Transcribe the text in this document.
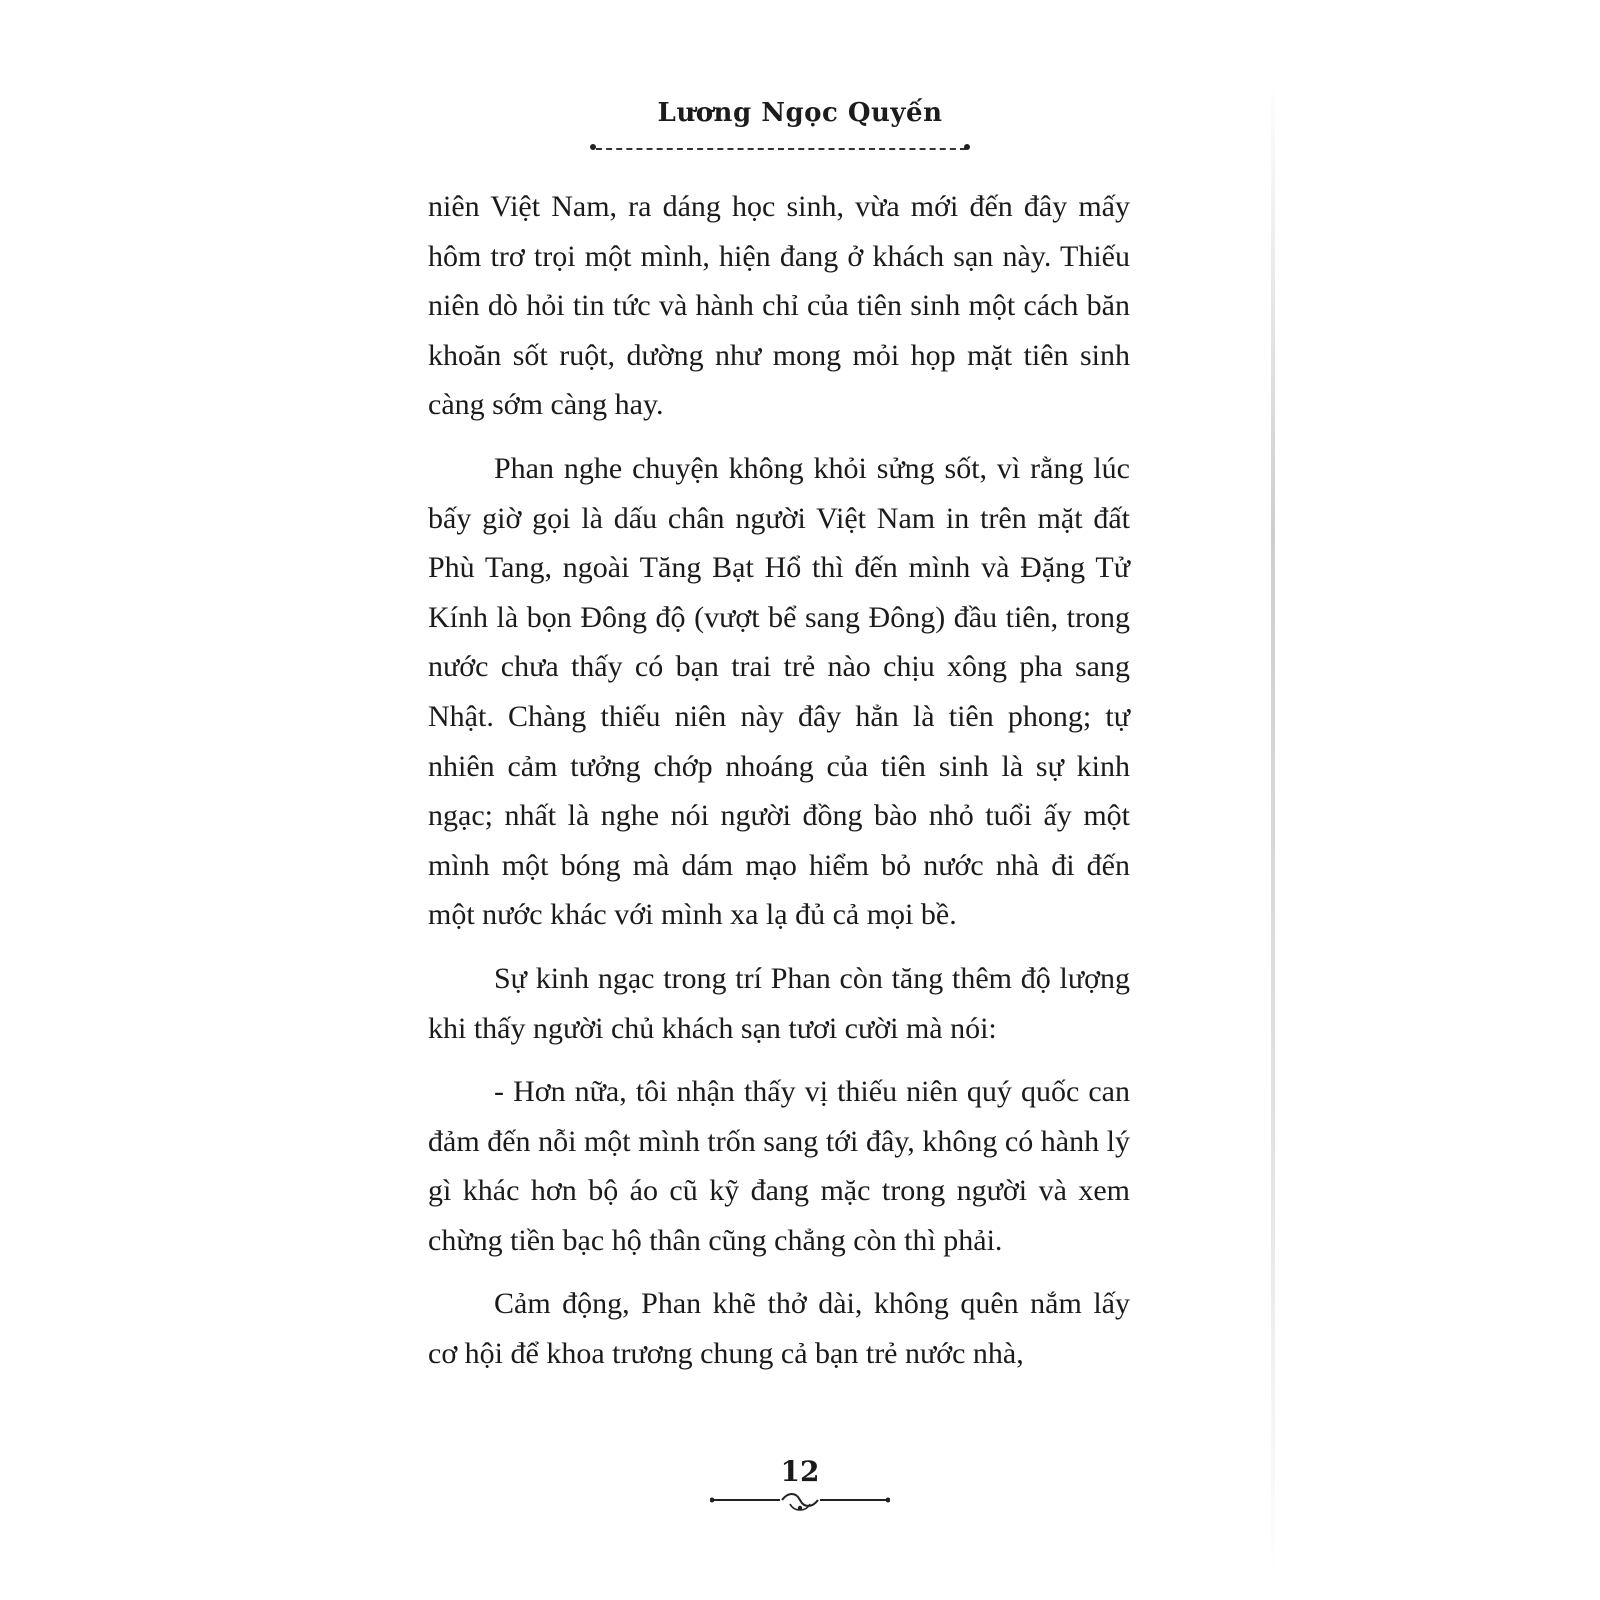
Lương Ngọc Quyến

niên Việt Nam, ra dáng học sinh, vừa mới đến đây mấy hôm trơ trọi một mình, hiện đang ở khách sạn này. Thiếu niên dò hỏi tin tức và hành chỉ của tiên sinh một cách băn khoăn sốt ruột, dường như mong mỏi họp mặt tiên sinh càng sớm càng hay.

Phan nghe chuyện không khỏi sửng sốt, vì rằng lúc bấy giờ gọi là dấu chân người Việt Nam in trên mặt đất Phù Tang, ngoài Tăng Bạt Hổ thì đến mình và Đặng Tử Kính là bọn Đông độ (vượt bể sang Đông) đầu tiên, trong nước chưa thấy có bạn trai trẻ nào chịu xông pha sang Nhật. Chàng thiếu niên này đây hẳn là tiên phong; tự nhiên cảm tưởng chớp nhoáng của tiên sinh là sự kinh ngạc; nhất là nghe nói người đồng bào nhỏ tuổi ấy một mình một bóng mà dám mạo hiểm bỏ nước nhà đi đến một nước khác với mình xa lạ đủ cả mọi bề.

Sự kinh ngạc trong trí Phan còn tăng thêm độ lượng khi thấy người chủ khách sạn tươi cười mà nói:

- Hơn nữa, tôi nhận thấy vị thiếu niên quý quốc can đảm đến nỗi một mình trốn sang tới đây, không có hành lý gì khác hơn bộ áo cũ kỹ đang mặc trong người và xem chừng tiền bạc hộ thân cũng chẳng còn thì phải.

Cảm động, Phan khẽ thở dài, không quên nắm lấy cơ hội để khoa trương chung cả bạn trẻ nước nhà,

12
